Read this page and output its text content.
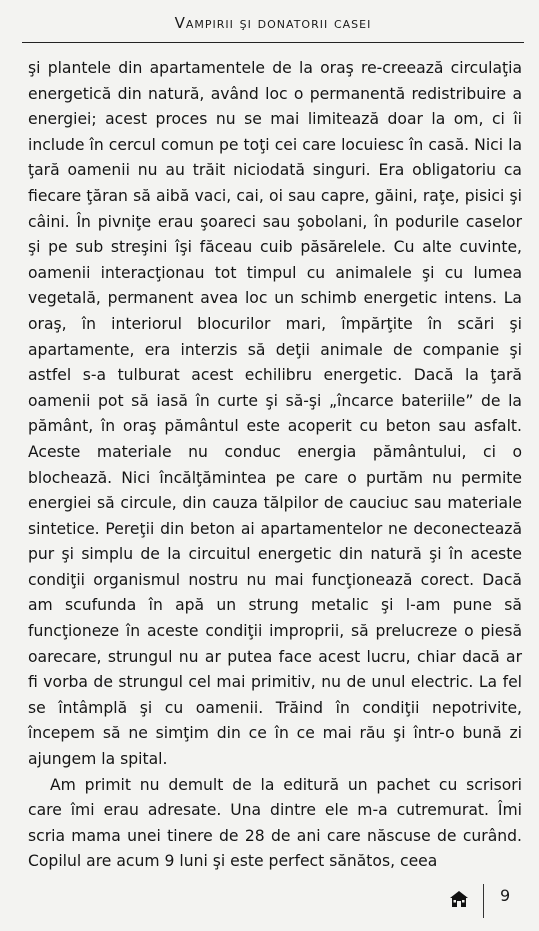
Vampirii şi donatorii casei

şi plantele din apartamentele de la oraş re-creează circulaţia energetică din natură, având loc o permanentă redistribuire a energiei; acest proces nu se mai limitează doar la om, ci îi include în cercul comun pe toţi cei care locuiesc în casă. Nici la ţară oamenii nu au trăit niciodată singuri. Era obligatoriu ca fiecare ţăran să aibă vaci, cai, oi sau capre, găini, raţe, pisici şi câini. În pivniţe erau şoareci sau şobolani, în podurile caselor şi pe sub streşini îşi făceau cuib păsărelele. Cu alte cuvinte, oamenii interacţionau tot timpul cu animalele şi cu lumea vegetală, permanent avea loc un schimb energetic intens. La oraş, în interiorul blocurilor mari, împărţite în scări şi apartamente, era interzis să deţii animale de companie şi astfel s-a tulburat acest echilibru energetic. Dacă la ţară oamenii pot să iasă în curte şi să-şi „încarce bateriile” de la pământ, în oraş pământul este acoperit cu beton sau asfalt. Aceste materiale nu conduc energia pământului, ci o blochează. Nici încălţămintea pe care o purtăm nu permite energiei să circule, din cauza tălpilor de cauciuc sau materiale sintetice. Pereţii din beton ai apartamentelor ne deconectează pur şi simplu de la circuitul energetic din natură şi în aceste condiţii organismul nostru nu mai funcţionează corect. Dacă am scufunda în apă un strung metalic şi l-am pune să funcţioneze în aceste condiţii improprii, să prelucreze o piesă oarecare, strungul nu ar putea face acest lucru, chiar dacă ar fi vorba de strungul cel mai primitiv, nu de unul electric. La fel se întâmplă şi cu oamenii. Trăind în condiţii nepotrivite, începem să ne simţim din ce în ce mai rău şi într-o bună zi ajungem la spital.

Am primit nu demult de la editură un pachet cu scrisori care îmi erau adresate. Una dintre ele m-a cutremurat. Îmi scria mama unei tinere de 28 de ani care născuse de curând. Copilul are acum 9 luni şi este perfect sănătos, ceea

9
